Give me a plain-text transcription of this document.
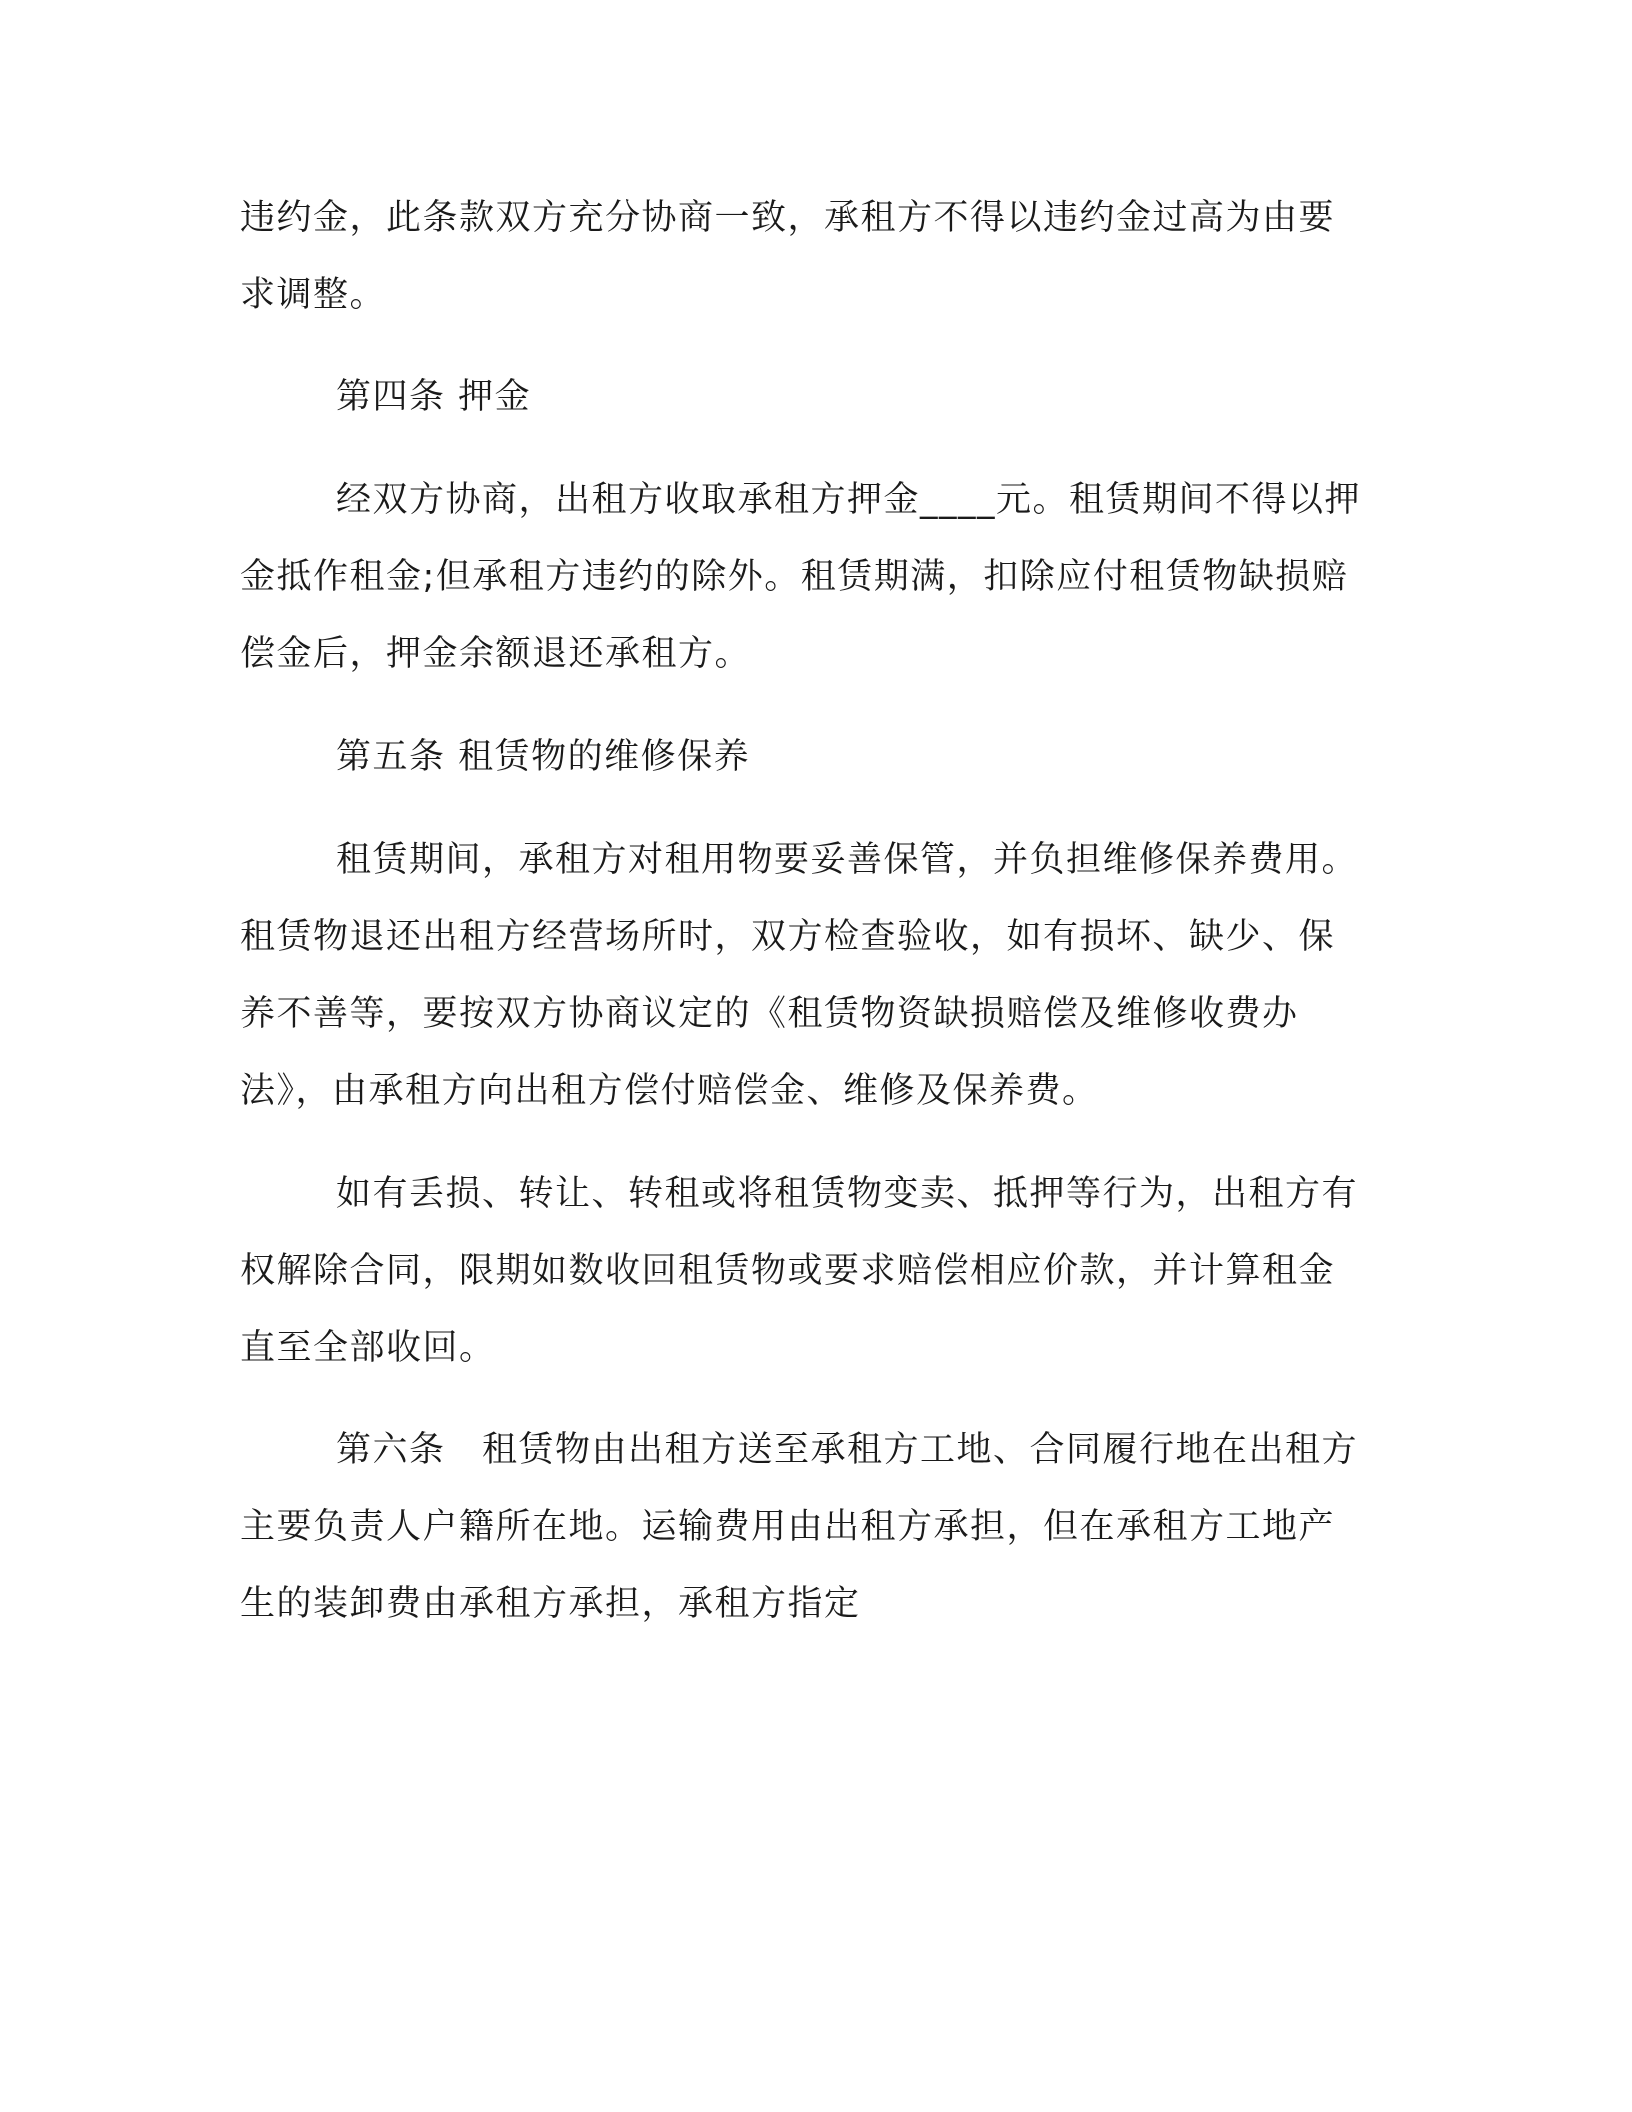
违约金，此条款双方充分协商一致，承租方不得以违约金过高为由要
求调整。
第四条 押金
经双方协商，出租方收取承租方押金____元。租赁期间不得以押
金抵作租金;但承租方违约的除外。租赁期满，扣除应付租赁物缺损赔
偿金后，押金余额退还承租方。
第五条 租赁物的维修保养
租赁期间，承租方对租用物要妥善保管，并负担维修保养费用。
租赁物退还出租方经营场所时，双方检查验收，如有损坏、缺少、保
养不善等，要按双方协商议定的《租赁物资缺损赔偿及维修收费办
法》，由承租方向出租方偿付赔偿金、维修及保养费。
如有丢损、转让、转租或将租赁物变卖、抵押等行为，出租方有
权解除合同，限期如数收回租赁物或要求赔偿相应价款，并计算租金
直至全部收回。
第六条　租赁物由出租方送至承租方工地、合同履行地在出租方
主要负责人户籍所在地。运输费用由出租方承担，但在承租方工地产
生的装卸费由承租方承担，承租方指定
